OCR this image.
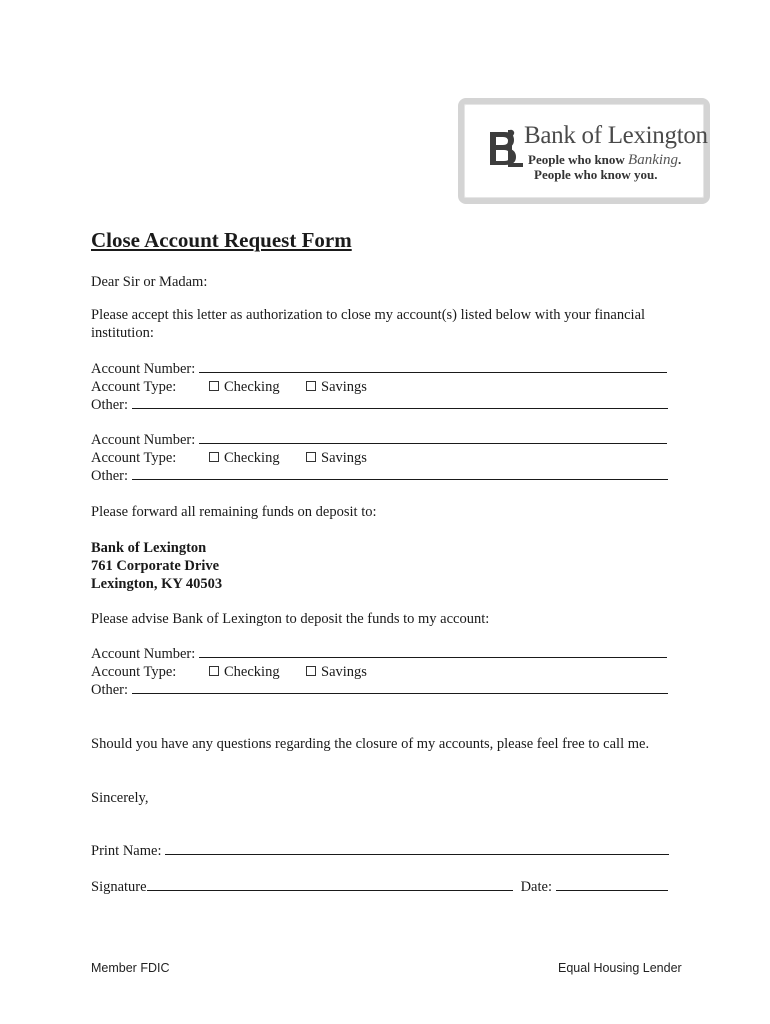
Bank of Lexington
People who know Banking.
People who know you.
Close Account Request Form
Dear Sir or Madam:
Please accept this letter as authorization to close my account(s) listed below with your financial
institution:
Account Number:
Account Type:	Checking	Savings
Other:
Account Number:
Account Type:	Checking	Savings
Other:
Please forward all remaining funds on deposit to:
Bank of Lexington
761 Corporate Drive
Lexington, KY 40503
Please advise Bank of Lexington to deposit the funds to my account:
Account Number:
Account Type:	Checking	Savings
Other:
Should you have any questions regarding the closure of my accounts, please feel free to call me.
Sincerely,
Print Name:
Signature	Date:
Member FDIC	Equal Housing Lender
